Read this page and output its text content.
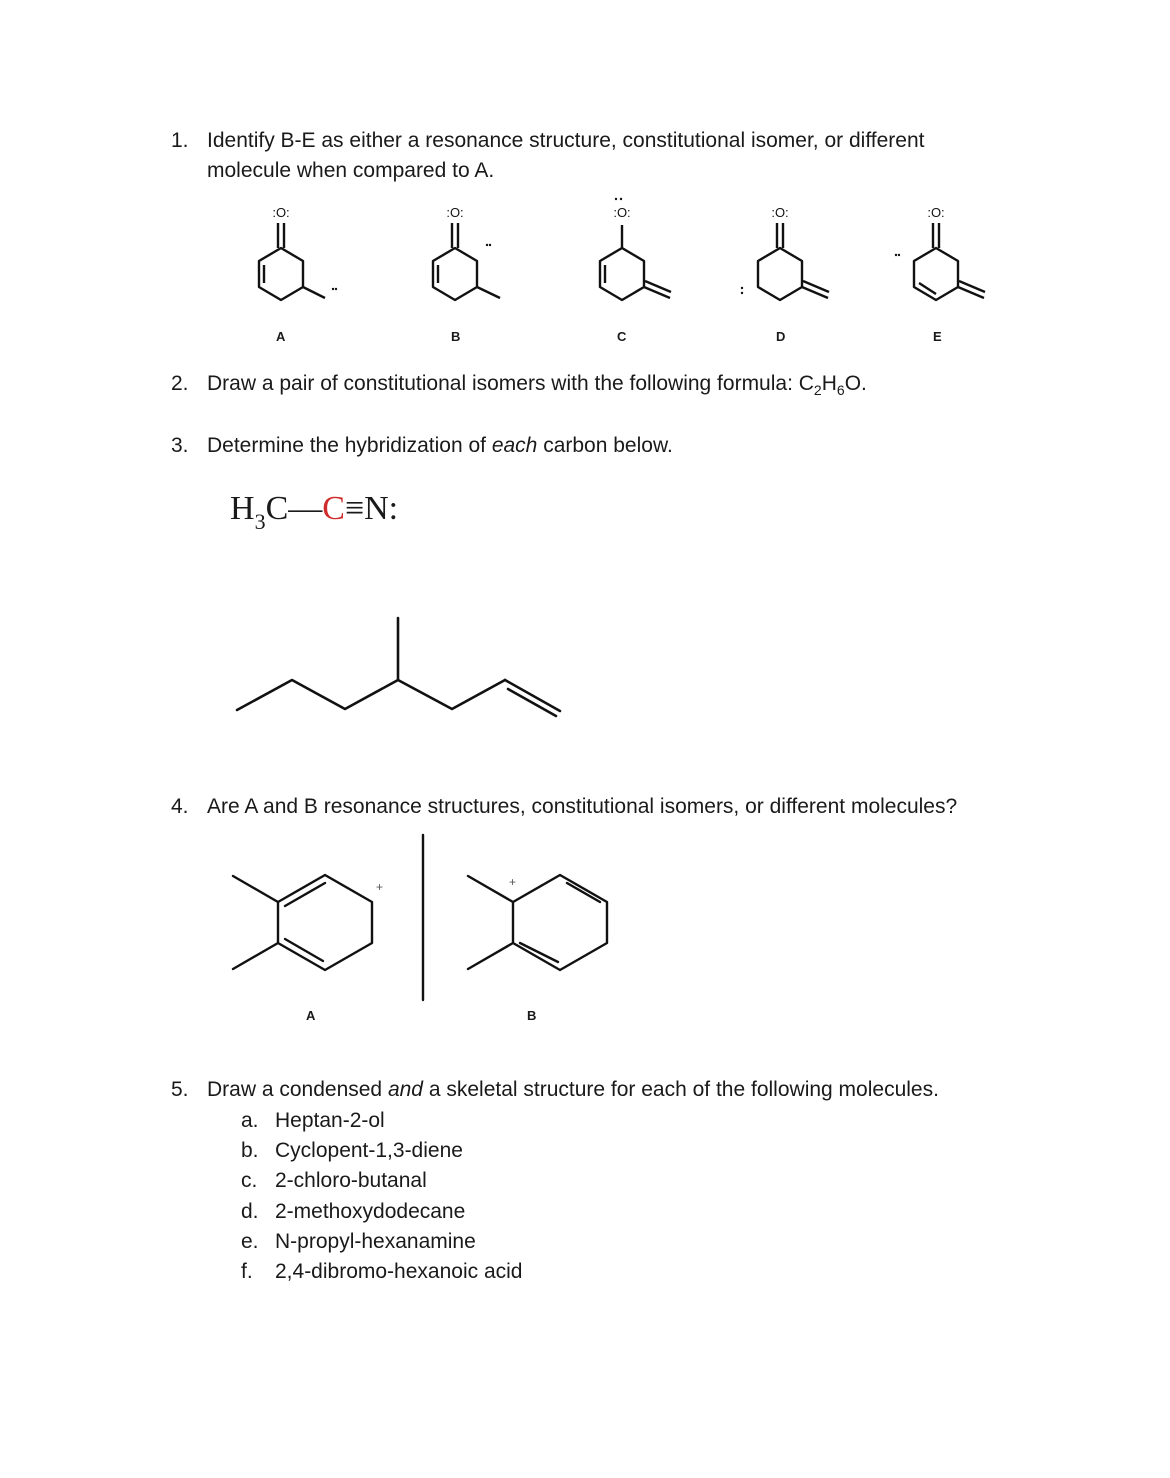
1. Identify B-E as either a resonance structure, constitutional isomer, or different
molecule when compared to A.
:O:	:O:	:O:	:O:	:O:
A	B	C	D	E
2. Draw a pair of constitutional isomers with the following formula: $C_2H_6O$.
3. Determine the hybridization of each carbon below.
$H_3C—C\equiv N$:
4. Are A and B resonance structures, constitutional isomers, or different molecules?
+	+
A	B
5. Draw a condensed and a skeletal structure for each of the following molecules.
a. Heptan-2-ol
b. Cyclopent-1,3-diene
c. 2-chloro-butanal
d. 2-methoxydodecane
e. N-propyl-hexanamine
f. 2,4-dibromo-hexanoic acid
